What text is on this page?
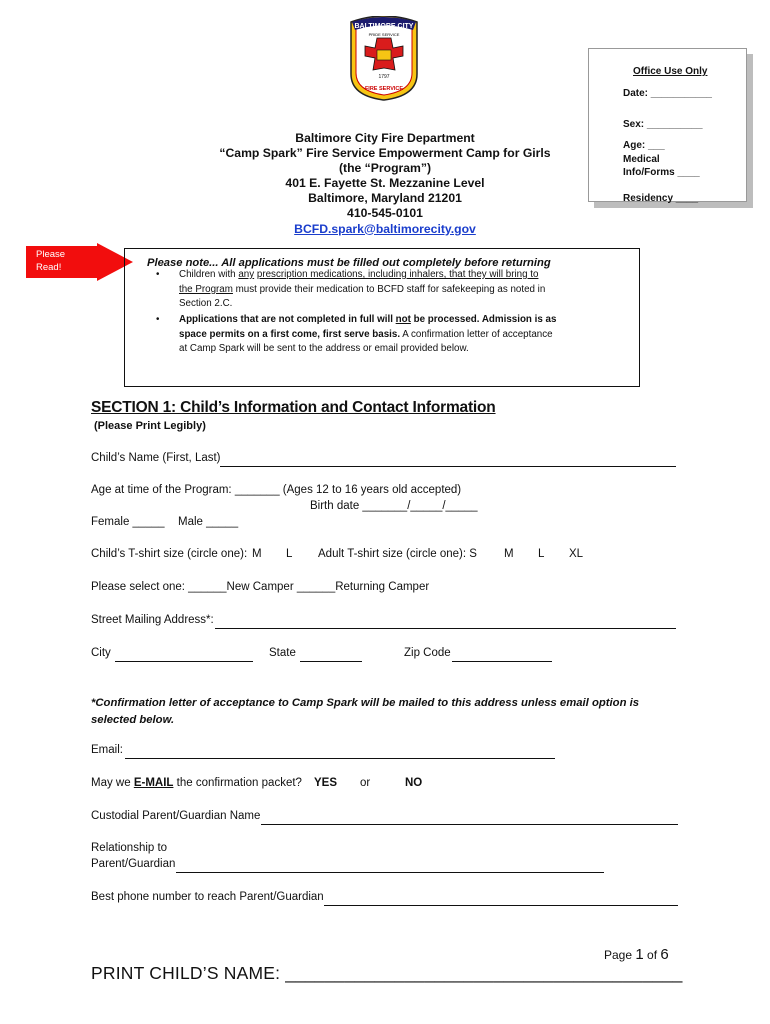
BALTIMORE CITY
PRIDE SERVICE
1797
FIRE SERVICE
Office Use Only
Date: ___________
Sex: __________
Age: ___
Medical
Info/Forms ____
Residency ____
Baltimore City Fire Department
“Camp Spark” Fire Service Empowerment Camp for Girls
(the “Program”)
401 E. Fayette St. Mezzanine Level
Baltimore, Maryland 21201
410-545-0101
BCFD.spark@baltimorecity.gov
Please
Read!	Please note... All applications must be filled out completely before returning
• Children with any prescription medications, including inhalers, that they will bring to
the Program must provide their medication to BCFD staff for safekeeping as noted in
Section 2.C.
• Applications that are not completed in full will not be processed. Admission is as
space permits on a first come, first serve basis. A confirmation letter of acceptance
at Camp Spark will be sent to the address or email provided below.
SECTION 1: Child’s Information and Contact Information
(Please Print Legibly)
Child’s Name (First, Last)
Age at time of the Program: _______ (Ages 12 to 16 years old accepted)
Birth date _______/_____/_____
Female _____ Male _____
Child’s T-shirt size (circle one): M L Adult T-shirt size (circle one): S M L XL
Please select one: ______New Camper ______Returning Camper
Street Mailing Address*:
City	State	Zip Code
*Confirmation letter of acceptance to Camp Spark will be mailed to this address unless email option is selected below.
Email:
May we E-MAIL the confirmation packet? YES or	NO
Custodial Parent/Guardian Name
Relationship to
Parent/Guardian
Best phone number to reach Parent/Guardian
Page 1 of 6
PRINT CHILD’S NAME: ________________________________________
